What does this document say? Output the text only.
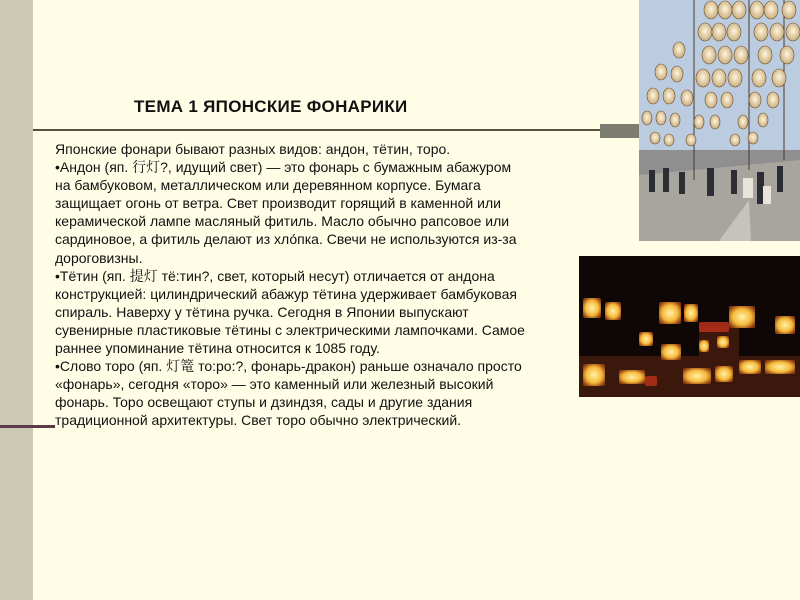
ТЕМА 1 ЯПОНСКИЕ ФОНАРИКИ
Японские фонари бывают разных видов: андон, тётин, торо.
•Андон (яп. 行灯?, идущий свет) — это фонарь с бумажным абажуром на бамбуковом, металлическом или деревянном корпусе. Бумага защищает огонь от ветра. Свет производит горящий в каменной или керамической лампе масляный фитиль. Масло обычно рапсовое или сардиновое, а фитиль делают из хло́пка. Свечи не используются из-за дороговизны.
•Тётин (яп. 提灯 тё:тин?, свет, который несут) отличается от андона конструкцией: цилиндрический абажур тётина удерживает бамбуковая спираль. Наверху у тётина ручка. Сегодня в Японии выпускают сувенирные пластиковые тётины с электрическими лампочками. Самое раннее упоминание тётина относится к 1085 году.
•Слово торо (яп. 灯篭 то:ро:?, фонарь-дракон) раньше означало просто «фонарь», сегодня «торо» — это каменный или железный высокий фонарь. Торо освещают ступы и дзиндзя, сады и другие здания традиционной архитектуры. Свет торо обычно электрический.
